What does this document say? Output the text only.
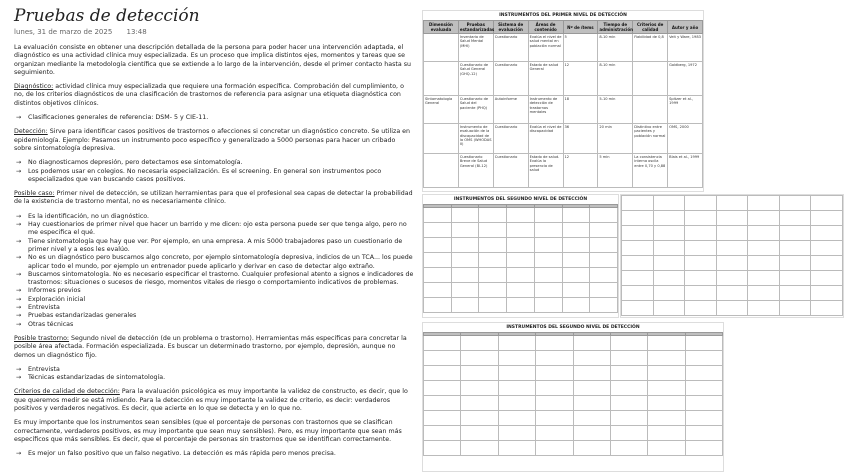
Pruebas de detección
lunes, 31 de marzo de 2025 13:48

La evaluación consiste en obtener una descripción detallada de la persona para poder hacer una intervención adaptada, el diagnóstico es una actividad clínica muy especializada. Es un proceso que implica distintos ejes, momentos y tareas que se organizan mediante la metodología científica que se extiende a lo largo de la intervención, desde el primer contacto hasta su seguimiento.

Diagnóstico: actividad clínica muy especializada que requiere una formación específica. Comprobación del cumplimiento, o no, de los criterios diagnósticos de una clasificación de trastornos de referencia para asignar una etiqueta diagnóstica con distintos objetivos clínicos.

→ Clasificaciones generales de referencia: DSM- 5 y CIE-11.

Detección: Sirve para identificar casos positivos de trastornos o afecciones si concretar un diagnóstico concreto. Se utiliza en epidemiología. Ejemplo: Pasamos un instrumento poco específico y generalizado a 5000 personas para hacer un cribado sobre sintomatología depresiva.

→ No diagnosticamos depresión, pero detectamos ese sintomatología.
→ Los podemos usar en colegios. No necesaria especialización. Es el screening. En general son instrumentos poco especializados que van buscando casos positivos.

Posible caso: Primer nivel de detección, se utilizan herramientas para que el profesional sea capas de detectar la probabilidad de la existencia de trastorno mental, no es necesariamente clínico.

→ Es la identificación, no un diagnóstico.
→ Hay cuestionarios de primer nivel que hacer un barrido y me dicen: ojo esta persona puede ser que tenga algo, pero no me especifica el qué.
→ Tiene sintomatología que hay que ver. Por ejemplo, en una empresa. A mis 5000 trabajadores paso un cuestionario de primer nivel y a esos les evalúo.
→ No es un diagnóstico pero buscamos algo concreto, por ejemplo sintomatología depresiva, indicios de un TCA... los puede aplicar todo el mundo, por ejemplo un entrenador puede aplicarlo y derivar en caso de detectar algo extraño.
→ Buscamos sintomatología. No es necesario especificar el trastorno. Cualquier profesional atento a signos e indicadores de trastornos: situaciones o sucesos de riesgo, momentos vitales de riesgo o comportamiento indicativos de problemas.
→ Informes previos
→ Exploración inicial
→ Entrevista
→ Pruebas estandarizadas generales
→ Otras técnicas

Posible trastorno: Segundo nivel de detección (de un problema o trastorno). Herramientas más específicas para concretar la posible área afectada. Formación especializada. Es buscar un determinado trastorno, por ejemplo, depresión, aunque no demos un diagnóstico fijo.

→ Entrevista
→ Técnicas estandarizadas de sintomatología.

Criterios de calidad de detección: Para la evaluación psicológica es muy importante la validez de constructo, es decir, que lo que queremos medir se está midiendo. Para la detección es muy importante la validez de criterio, es decir: verdaderos positivos y verdaderos negativos. Es decir, que acierte en lo que se detecta y en lo que no.

Es muy importante que los instrumentos sean sensibles (que el porcentaje de personas con trastornos que se clasifican correctamente, verdaderos positivos, es muy importante que sean muy sensibles). Pero, es muy importante que sean más específicos que más sensibles. Es decir, que el porcentaje de personas sin trastornos que se identifican correctamente.

→ Es mejor un falso positivo que un falso negativo. La detección es más rápida pero menos precisa.
INSTRUMENTOS DEL PRIMER NIVEL DE DETECCIÓN
Dimensión evaluada	Pruebas estandarizadas	Sistema de evaluación	Áreas de contenido	Nº de ítems	Tiempo de administración	Criterios de calidad	Autor y año
	Inventario de Salud Mental (MHI)	Cuestionario	Evalúa el nivel de salud mental en población normal	5	8-10 min	Fiabilidad de 0,8	Veit y Ware, 1983
	Cuestionario de Salud General (GHQ-12)	Cuestionario	Estado de salud General	12	8-10 min		Goldberg, 1972
Sintomatología General	Cuestionario de Salud del paciente (PHQ)	Autoinforme	Instrumento de detección de trastornos mentales	18	5-10 min		Spitzer et al., 1999
	Instrumento de evaluación de la discapacidad de la OMS (WHODAS II)	Cuestionario	Evalúa el nivel de discapacidad	36	20 min	Distintivo entre pacientes y población normal	OMS, 2000
	Cuestionario Breve de Salud General (BI-12)	Cuestionario	Estado de salud. Evalúa la presencia de salud	12	5 min	La consistencia interna oscila entre 0,70 y 0,88	Blais et al., 1999
INSTRUMENTOS DEL SEGUNDO NIVEL DE DETECCIÓN

INSTRUMENTOS DEL SEGUNDO NIVEL DE DETECCIÓN
